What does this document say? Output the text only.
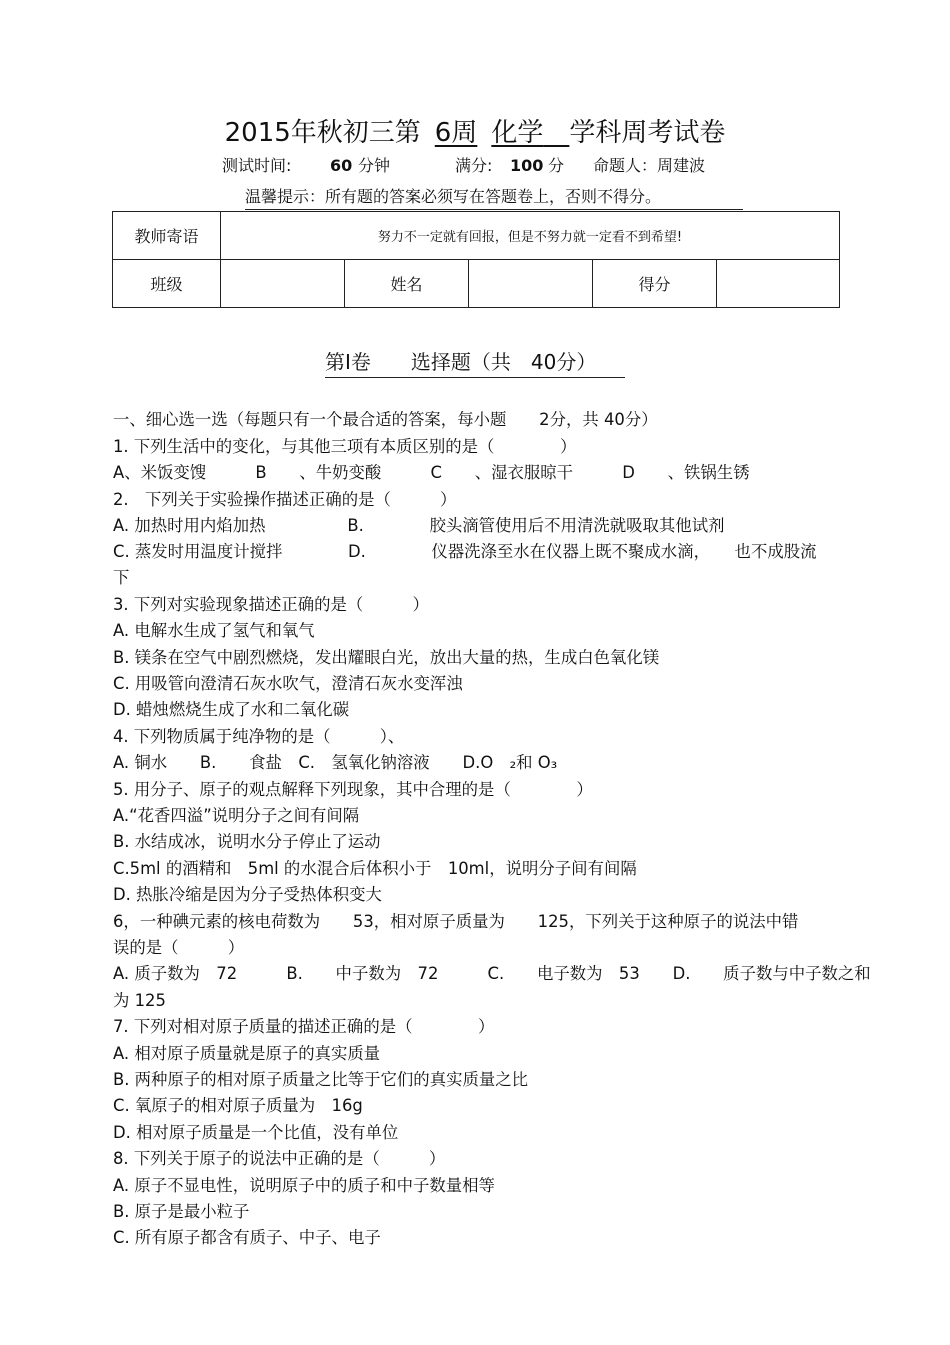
2015年秋初三第 6周 化学　 学科周考试卷
测试时间: 60 分钟	满分: 100 分 命题人：周建波
温馨提示：所有题的答案必须写在答题卷上，否则不得分。
教师寄语	努力不一定就有回报，但是不努力就一定看不到希望!				
班级		姓名		得分	
第Ⅰ卷　　选择题（共　40分）
一、细心选一选（每题只有一个最合适的答案，每小题　　2分，共 40分）
1. 下列生活中的变化，与其他三项有本质区别的是（　　　　）
A、米饭变馊　　　B　　、牛奶变酸　　　C　　、湿衣服晾干　　　D　　、铁锅生锈
2.　下列关于实验操作描述正确的是（　　　）
A. 加热时用内焰加热　　　　　B.　　　　胶头滴管使用后不用清洗就吸取其他试剂
C. 蒸发时用温度计搅拌　　　　D.　　　　仪器洗涤至水在仪器上既不聚成水滴，　　也不成股流
下
3. 下列对实验现象描述正确的是（　　　）
A. 电解水生成了氢气和氧气
B. 镁条在空气中剧烈燃烧，发出耀眼白光，放出大量的热，生成白色氧化镁
C. 用吸管向澄清石灰水吹气，澄清石灰水变浑浊
D. 蜡烛燃烧生成了水和二氧化碳
4. 下列物质属于纯净物的是（　　　）、
A. 铜水　　B.　　食盐　C.　氢氧化钠溶液　　D.O　₂和 O₃
5. 用分子、原子的观点解释下列现象，其中合理的是（　　　　）
A.“花香四溢”说明分子之间有间隔
B. 水结成冰，说明水分子停止了运动
C.5ml 的酒精和　5ml 的水混合后体积小于　10ml，说明分子间有间隔
D. 热胀冷缩是因为分子受热体积变大
6，一种碘元素的核电荷数为　　53，相对原子质量为　　125，下列关于这种原子的说法中错
误的是（　　　）
A. 质子数为　72　　　B.　　中子数为　72　　　C.　　电子数为　53　　D.　　质子数与中子数之和
为 125
7. 下列对相对原子质量的描述正确的是（　　　　）
A. 相对原子质量就是原子的真实质量
B. 两种原子的相对原子质量之比等于它们的真实质量之比
C. 氧原子的相对原子质量为　16g
D. 相对原子质量是一个比值，没有单位
8. 下列关于原子的说法中正确的是（　　　）
A. 原子不显电性，说明原子中的质子和中子数量相等
B. 原子是最小粒子
C. 所有原子都含有质子、中子、电子
